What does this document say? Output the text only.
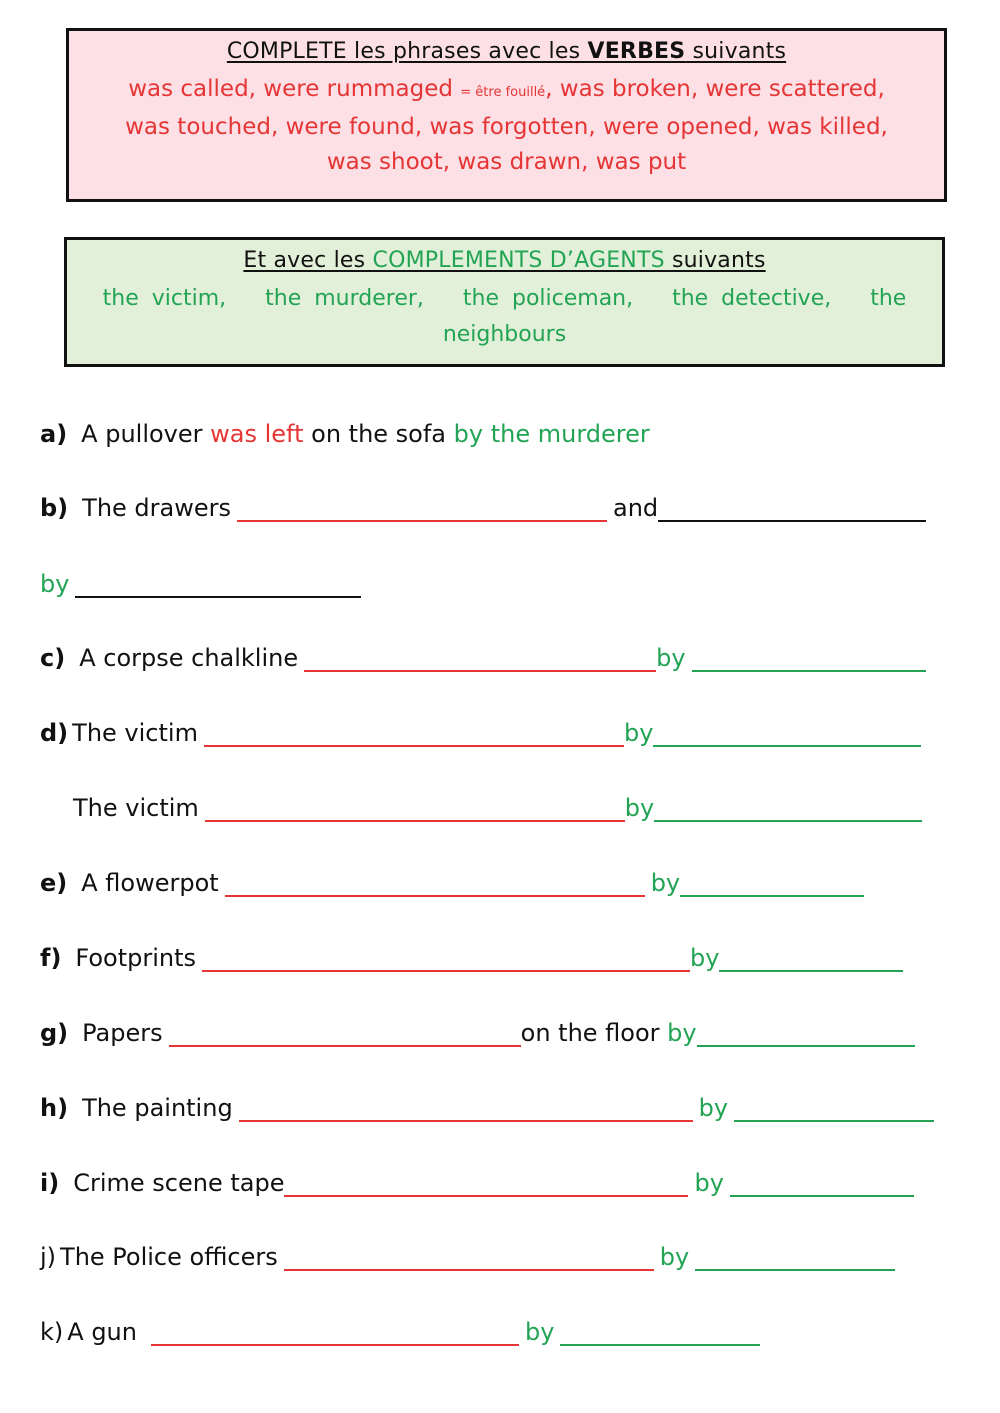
COMPLETE les phrases avec les VERBES suivants
was called, were rummaged = être fouillé, was broken, were scattered,
was touched, were found, was forgotten, were opened, was killed,
was shoot, was drawn, was put
Et avec les COMPLEMENTS D’AGENTS suivants
the victim,   the murderer,   the policeman,   the detective,   the
neighbours
a) A pullover was left on the sofa by the murderer
b) The drawers	and
by
c) A corpse chalkline	by
d) The victim	by
The victim	by
e) A flowerpot	by
f) Footprints	by
g) Papers	on the floor by
h) The painting	by
i) Crime scene tape	by
j) The Police officers	by
k) A gun	by
